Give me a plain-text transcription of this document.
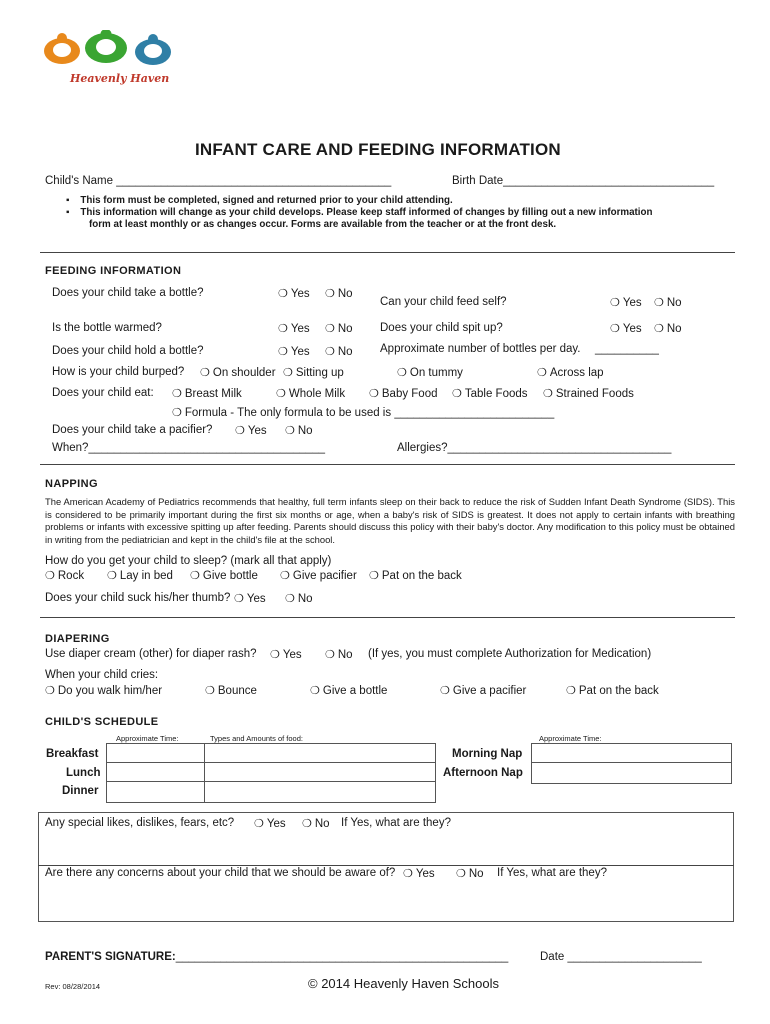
Heavenly Haven
INFANT CARE AND FEEDING INFORMATION
Child's Name ___________________________________________	Birth Date_________________________________
▪ This form must be completed, signed and returned prior to your child attending.
▪ This information will change as your child develops. Please keep staff informed of changes by filling out a new information
form at least monthly or as changes occur. Forms are available from the teacher or at the front desk.
FEEDING INFORMATION
Does your child take a bottle?	❍ Yes ❍ No
Can your child feed self?	❍ Yes ❍ No
Is the bottle warmed?	❍ Yes ❍ No Does your child spit up?	❍ Yes ❍ No
Does your child hold a bottle?	❍ Yes ❍ No Approximate number of bottles per day. __________
How is your child burped? ❍ On shoulder ❍ Sitting up	❍ On tummy	❍ Across lap
Does your child eat: ❍ Breast Milk	❍ Whole Milk ❍ Baby Food ❍ Table Foods ❍ Strained Foods
❍ Formula - The only formula to be used is _________________________
Does your child take a pacifier? ❍ Yes ❍ No
When?_____________________________________	Allergies?___________________________________
NAPPING
The American Academy of Pediatrics recommends that healthy, full term infants sleep on their back to reduce the risk of Sudden Infant Death Syndrome (SIDS). This is considered to be primarily important during the first six months or age, when a baby's risk of SIDS is greatest. It does not apply to certain infants with breathing problems or infants with excessive spitting up after feeding. Parents should discuss this policy with their baby's doctor. Any modification to this policy must be obtained in writing from the pediatrician and kept in the child's file at the school.
How do you get your child to sleep? (mark all that apply)
❍ Rock ❍ Lay in bed ❍ Give bottle ❍ Give pacifier ❍ Pat on the back
Does your child suck his/her thumb? ❍ Yes ❍ No
DIAPERING
Use diaper cream (other) for diaper rash? ❍ Yes ❍ No (If yes, you must complete Authorization for Medication)
When your child cries:
❍ Do you walk him/her	❍ Bounce	❍ Give a bottle	❍ Give a pacifier	❍ Pat on the back
CHILD'S SCHEDULE
Approximate Time:	Types and Amounts of food:	Approximate Time:
Breakfast
Lunch
Dinner
Morning Nap
Afternoon Nap
Any special likes, dislikes, fears, etc? ❍ Yes ❍ No If Yes, what are they?
Are there any concerns about your child that we should be aware of? ❍ Yes ❍ No If Yes, what are they?
PARENT'S SIGNATURE:____________________________________________________	Date _____________________
Rev: 08/28/2014	© 2014 Heavenly Haven Schools
